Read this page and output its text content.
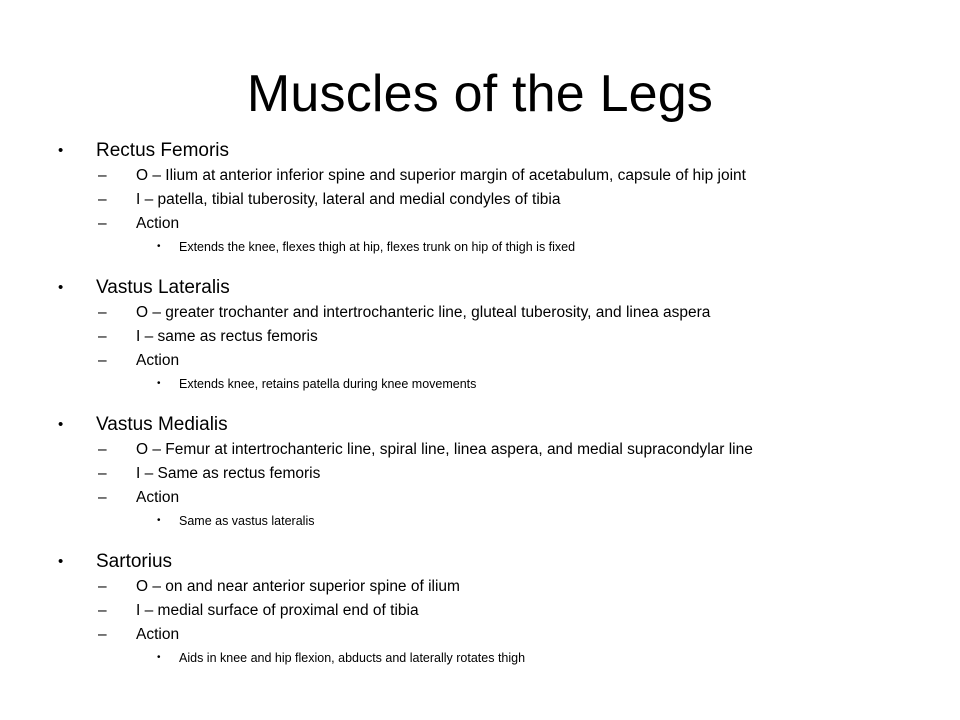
Muscles of the Legs
• Rectus Femoris
– O – Ilium at anterior inferior spine and superior margin of acetabulum, capsule of hip joint
– I – patella, tibial tuberosity, lateral and medial condyles of tibia
– Action
• Extends the knee, flexes thigh at hip, flexes trunk on hip of thigh is fixed
• Vastus Lateralis
– O – greater trochanter and intertrochanteric line, gluteal tuberosity, and linea aspera
– I – same as rectus femoris
– Action
• Extends knee, retains patella during knee movements
• Vastus Medialis
– O – Femur at intertrochanteric line, spiral line, linea aspera, and medial supracondylar line
– I – Same as rectus femoris
– Action
• Same as vastus lateralis
• Sartorius
– O – on and near anterior superior spine of ilium
– I – medial surface of proximal end of tibia
– Action
• Aids in knee and hip flexion, abducts and laterally rotates thigh
